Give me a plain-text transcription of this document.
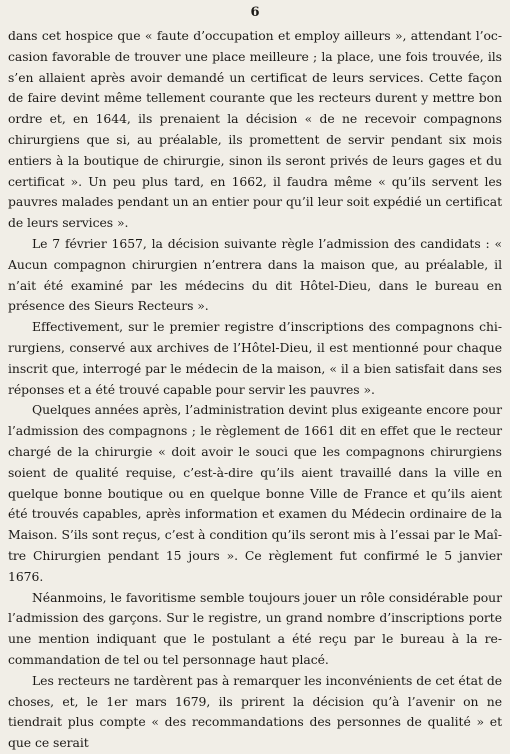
6

dans cet hospice que « faute d’occupation et employ ailleurs », attendant l’occasion favorable de trouver une place meilleure ; la place, une fois trouvée, ils s’en allaient après avoir demandé un certificat de leurs services. Cette façon de faire devint même tellement courante que les recteurs durent y mettre bon ordre et, en 1644, ils prenaient la décision « de ne recevoir compagnons chirurgiens que si, au préalable, ils promettent de servir pendant six mois entiers à la boutique de chirurgie, sinon ils seront privés de leurs gages et du certificat ». Un peu plus tard, en 1662, il faudra même « qu’ils servent les pauvres malades pendant un an entier pour qu’il leur soit expédié un certificat de leurs services ».

Le 7 février 1657, la décision suivante règle l’admission des candidats : « Aucun compagnon chirurgien n’entrera dans la maison que, au préalable, il n’ait été examiné par les médecins du dit Hôtel-Dieu, dans le bureau en présence des Sieurs Recteurs ».

Effectivement, sur le premier registre d’inscriptions des compagnons chirurgiens, conservé aux archives de l’Hôtel-Dieu, il est mentionné pour chaque inscrit que, interrogé par le médecin de la maison, « il a bien satisfait dans ses réponses et a été trouvé capable pour servir les pauvres ».

Quelques années après, l’administration devint plus exigeante encore pour l’admission des compagnons ; le règlement de 1661 dit en effet que le recteur chargé de la chirurgie « doit avoir le souci que les compagnons chirurgiens soient de qualité requise, c’est-à-dire qu’ils aient travaillé dans la ville en quelque bonne boutique ou en quelque bonne Ville de France et qu’ils aient été trouvés capables, après information et examen du Médecin ordinaire de la Maison. S’ils sont reçus, c’est à condition qu’ils seront mis à l’essai par le Maître Chirurgien pendant 15 jours ». Ce règlement fut confirmé le 5 janvier 1676.

Néanmoins, le favoritisme semble toujours jouer un rôle considérable pour l’admission des garçons. Sur le registre, un grand nombre d’inscriptions porte une mention indiquant que le postulant a été reçu par le bureau à la recommandation de tel ou tel personnage haut placé.

Les recteurs ne tardèrent pas à remarquer les inconvénients de cet état de choses, et, le 1er mars 1679, ils prirent la décision qu’à l’avenir on ne tiendrait plus compte « des recommandations des personnes de qualité » et que ce serait
